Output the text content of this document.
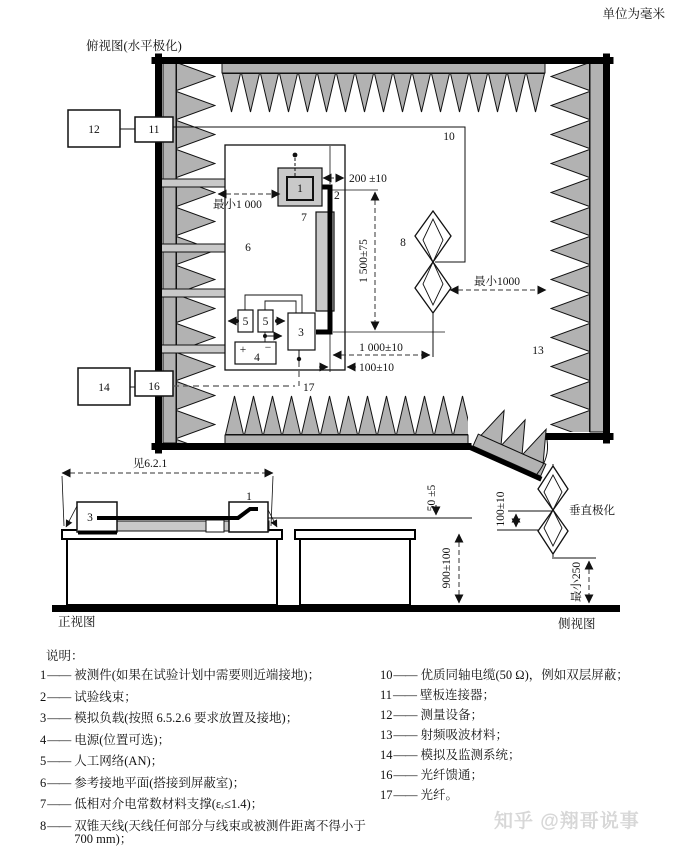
6
10
12	11
14	16	17
7
2
1
5 5
3
+ −
4
8
13
最小1 000
200 ±10
1 500±75
1 000±10
100±10
最小1000
见6.2.1
3
1	50 ±5	100±10	垂直极化
900±100	最小250
单位为毫米
俯视图(水平极化)
正视图	侧视图
说明：
1 —— 被测件(如果在试验计划中需要则近端接地)；
2 —— 试验线束；
3 —— 模拟负载(按照 6.5.2.6 要求放置及接地)；
4 —— 电源(位置可选)；
5 —— 人工网络(AN)；
6 —— 参考接地平面(搭接到屏蔽室)；
7 —— 低相对介电常数材料支撑(εᵣ≤1.4)；
8 —— 双锥天线(天线任何部分与线束或被测件距离不得小于 700 mm)；
10 —— 优质同轴电缆(50 Ω)，例如双层屏蔽；
11 —— 壁板连接器；
12 —— 测量设备；
13 —— 射频吸波材料；
14 —— 模拟及监测系统；
16 —— 光纤馈通；
17 —— 光纤。
知乎 @翔哥说事
